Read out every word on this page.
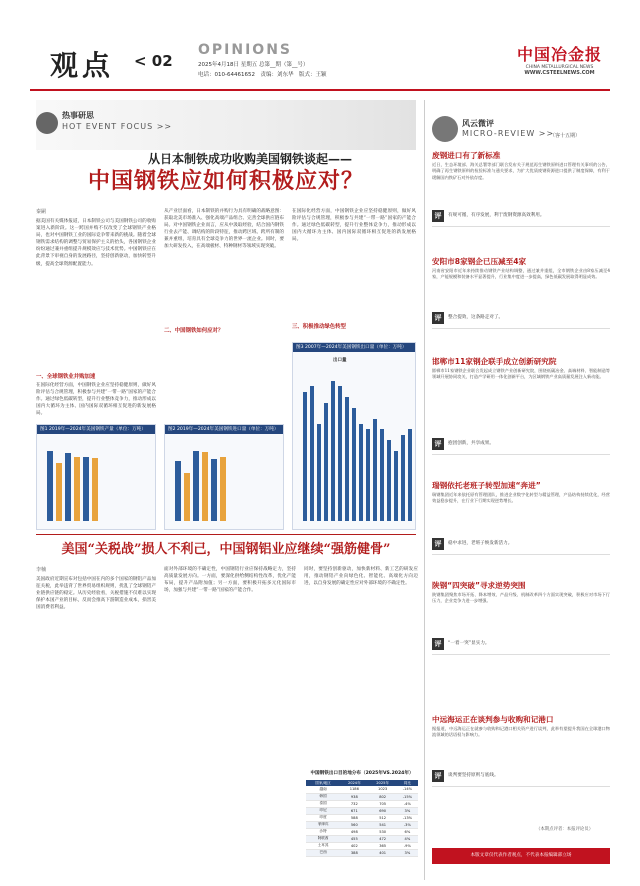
观点 < 02
OPINIONS
2025年4月18日 星期五 总第__期（第__号）
电话：010-64461652　责编：刘东华　版式：王颖
中国冶金报
CHINA METALLURGICAL NEWS
WWW.CSTEELNEWS.COM
热事研思
HOT EVENT FOCUS >>
从日本制铁成功收购美国钢铁谈起——
中国钢铁应如何积极应对？
秦嗣
据美国有关媒体报道，日本制铁公司与美国钢铁公司的收购案进入新阶段。这一跨国并购不仅改变了全球钢铁产业格局，也对中国钢铁工业的国际竞争带来新的挑战。随着全球钢铁需求结构的调整与贸易保护主义的抬头，各国钢铁企业纷纷通过兼并重组提升规模效应与技术优势。中国钢铁应在此背景下审视自身的发展路径，坚持创新驱动，加快转型升级，提高全球资源配置能力。
一、全球钢铁业并购加速
在国际化经营方面，中国钢铁企业应坚持稳健原则，做好风险评估与合规管理，积极参与共建“一带一路”国家的产能合作。通过绿色低碳转型，提升行业整体竞争力，推动形成以国内大循环为主体、国内国际双循环相互促进的新发展格局。
从产业层面看，日本制铁的并购行为具有明确的战略意图：获取北美市场准入、强化高端产品组合、完善全球供应链布局。对中国钢铁企业而言，应从中汲取经验，结合国内钢铁行业去产能、调结构的阶段特征，推动跨区域、跨所有制的兼并重组，培育具有全球竞争力的世界一流企业。同时，要加大研发投入，在高端板材、特种钢材等领域实现突破。
二、中国钢铁如何应对？
在国际化经营方面，中国钢铁企业应坚持稳健原则，做好风险评估与合规管理，积极参与共建“一带一路”国家的产能合作。通过绿色低碳转型，提升行业整体竞争力，推动形成以国内大循环为主体、国内国际双循环相互促进的新发展格局。
三、积极推动绿色转型
图1 2019年—2024年美国钢铁产量（单位：万吨）	图2 2019年—2024年美国钢铁进口量（单位：万吨）
图3 2007年—2024年美国钢铁出口量（单位：万吨）
出口量
美国“关税战”损人不利己，中国钢铝业应继续“强筋健骨”
李楠
美国政府近期宣布对包括中国在内的多个国家的钢铝产品加征关税，此举违背了世界贸易组织规则，扰乱了全球钢铝产业链供应链的稳定。从历史经验看，关税措施不仅难以实现保护本国产业的目标，反而会推高下游制造业成本，损害美国消费者利益。
面对外部环境的不确定性，中国钢铝行业应保持战略定力，坚持高质量发展方向。一方面，要深化供给侧结构性改革，优化产能布局，提升产品附加值；另一方面，要积极开拓多元化国际市场，加强与共建“一带一路”国家的产能合作。
同时，要坚持创新驱动，加快新材料、新工艺的研发应用，推动钢铝产业向绿色化、智能化、高端化方向迈进，以自身发展的确定性应对外部环境的不确定性。
中国钢铁出口目的地分布（2025年VS.2024年）
国家/地区	2024年	2025年	同比
越南	1186	1023	-14%
韩国	938	802	-15%
泰国	732	705	-4%
印尼	671	690	3%
印度	588	512	-13%
菲律宾	560	541	-3%
沙特	498	530	6%
阿联酋	455	472	4%
土耳其	402	365	-9%
巴西	388	401	3%
风云微评
MICRO-REVIEW >>
（客十五期）
废钢进口有了新标准
近日，生态环境部、海关总署等部门联合发布关于规范再生钢铁原料进口管理有关事项的公告，明确了再生钢铁原料的检验标准与通关要求，为扩大优质废钢资源进口提供了制度保障，有利于缓解国内铁矿石对外依存度。
评	有规可循，有序发展，利于废钢资源高效利用。
安阳市8家钢企已压减至4家
河南省安阳市近年来持续推动钢铁产业结构调整，通过兼并重组，全市钢铁企业由8家压减至4家，产能规模和装备水平显著提升，行业集中度进一步提高，绿色低碳发展取得明显成效。
评	整合提效，这条路走对了。
邯郸市11家钢企联手成立创新研究院
邯郸市11家钢铁企业联合发起成立钢铁产业创新研究院，围绕低碳冶金、高端材料、智能制造等领域开展协同攻关，打造产学研用一体化创新平台，为区域钢铁产业高质量发展注入新动能。
评	抱团创新，共享成果。
瑞钢依托老班子转型加速“奔进”
瑞钢集团近年来依托原有管理团队，推进企业数字化转型与精益管理，产品结构持续优化，经营效益稳步提升，在行业下行期实现逆势增长。
评	稳中求进，老班子焕发新活力。
陕钢“四突破”寻求逆势突围
陕钢集团聚焦市场开拓、降本增效、产品升级、机制改革四个方面实现突破，积极应对市场下行压力，企业竞争力进一步增强。
评	“一着一突”显实力。
中远海运正在谈判参与收购和记港口
据报道，中远海运正在就参与收购和记港口相关资产进行谈判，此举有望提升我国在全球港口物流领域的话语权与影响力。
评	谈判要坚持原则与底线。
（本期点评者：本报评论员）
本版文章仅代表作者观点，不代表本报编辑部立场
